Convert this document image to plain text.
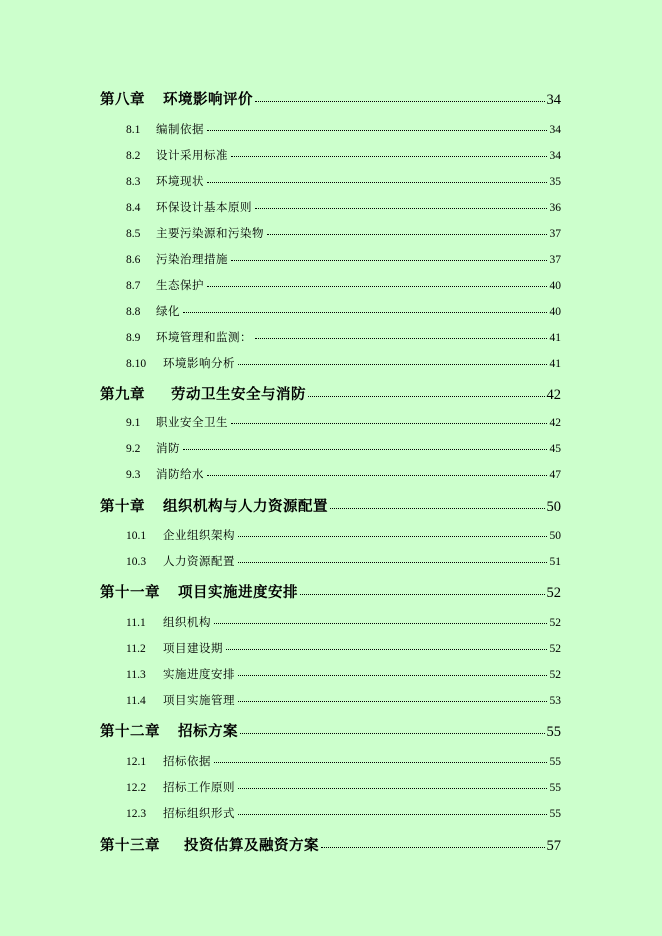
第八章 环境影响评价	34
8.1	编制依据	34
8.2	设计采用标准	34
8.3	环境现状	35
8.4	环保设计基本原则	36
8.5	主要污染源和污染物	37
8.6	污染治理措施	37
8.7	生态保护	40
8.8	绿化	40
8.9	环境管理和监测：	41
8.10	环境影响分析	41
第九章 劳动卫生安全与消防	42
9.1	职业安全卫生	42
9.2	消防	45
9.3	消防给水	47
第十章 组织机构与人力资源配置	50
10.1	企业组织架构	50
10.3	人力资源配置	51
第十一章 项目实施进度安排	52
11.1	组织机构	52
11.2	项目建设期	52
11.3	实施进度安排	52
11.4	项目实施管理	53
第十二章 招标方案	55
12.1	招标依据	55
12.2	招标工作原则	55
12.3	招标组织形式	55
第十三章 投资估算及融资方案	57
